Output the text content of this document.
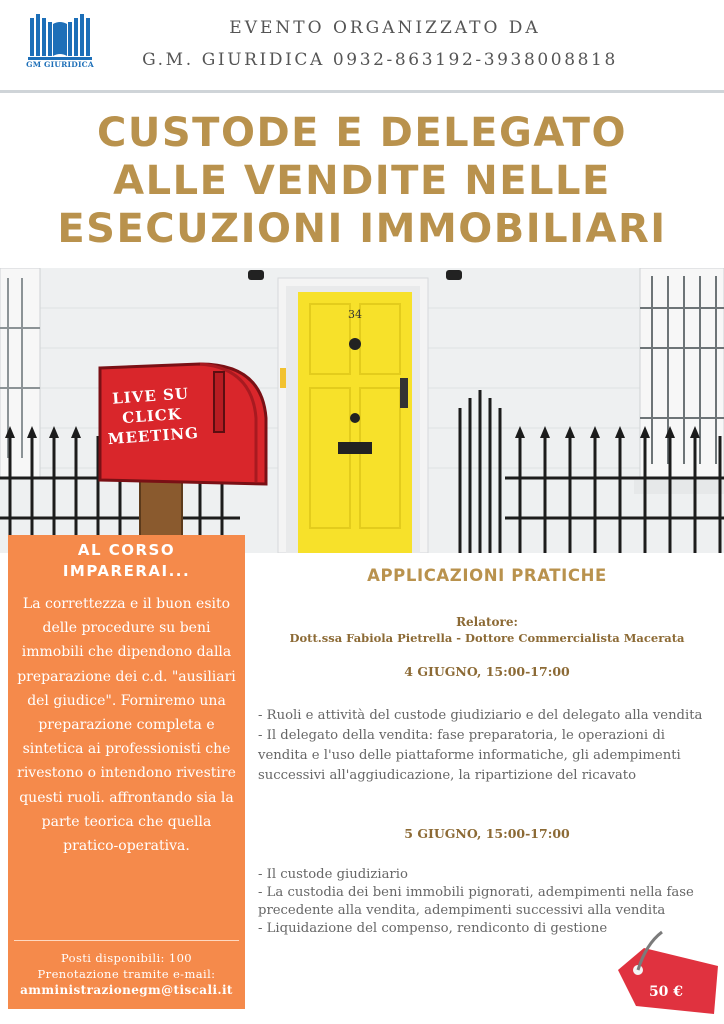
GM GIURIDICA
EVENTO ORGANIZZATO DA
G.M. GIURIDICA 0932-863192-3938008818
CUSTODE E DELEGATO
ALLE VENDITE NELLE
ESECUZIONI IMMOBILIARI
34
LIVE SU
CLICK
MEETING
AL CORSO
IMPARERAI...
La correttezza e il buon esito delle procedure su beni immobili che dipendono dalla preparazione dei c.d. "ausiliari del giudice". Forniremo una preparazione completa e sintetica ai professionisti che rivestono o intendono rivestire questi ruoli. affrontando sia la parte teorica che quella pratico-operativa.
Posti disponibili: 100
Prenotazione tramite e-mail:
amministrazionegm@tiscali.it
APPLICAZIONI PRATICHE
Relatore:
Dott.ssa Fabiola Pietrella - Dottore Commercialista Macerata
4 GIUGNO, 15:00-17:00
- Ruoli e attività del custode giudiziario e del delegato alla vendita
- Il delegato della vendita: fase preparatoria, le operazioni di vendita e l'uso delle piattaforme informatiche, gli adempimenti successivi all'aggiudicazione, la ripartizione del ricavato
5 GIUGNO, 15:00-17:00
- Il custode giudiziario
- La custodia dei beni immobili pignorati, adempimenti nella fase precedente alla vendita, adempimenti successivi alla vendita
- Liquidazione del compenso, rendiconto di gestione
50 €
